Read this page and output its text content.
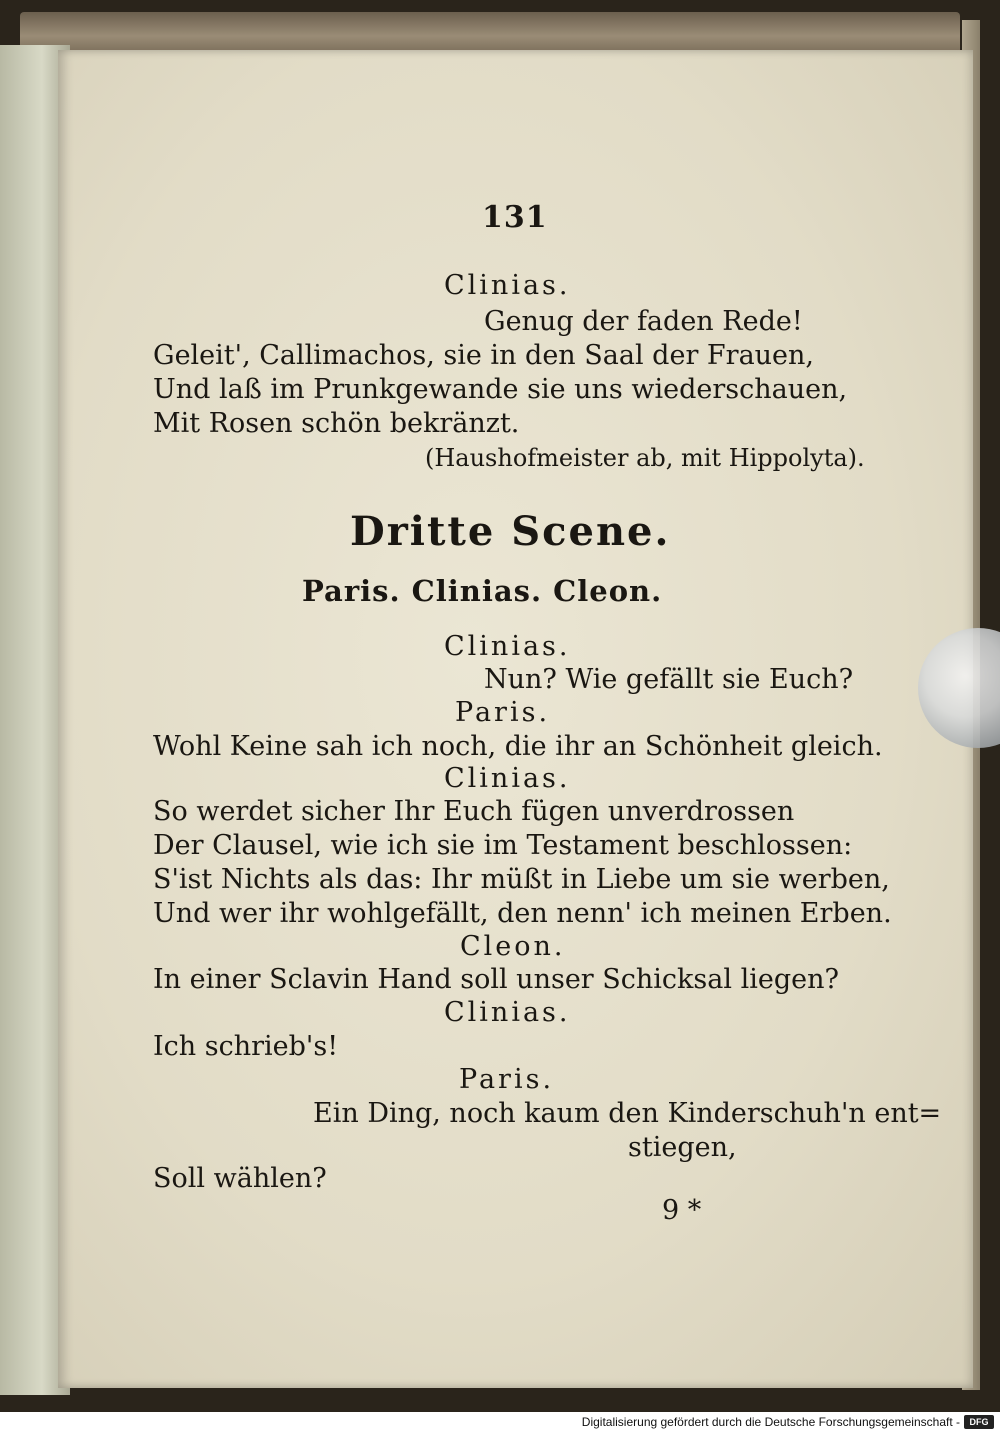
131
Clinias.
Genug der faden Rede!
Geleit', Callimachos, sie in den Saal der Frauen,
Und laß im Prunkgewande sie uns wiederschauen,
Mit Rosen schön bekränzt.
(Haushofmeister ab, mit Hippolyta).
Dritte Scene.
Paris. Clinias. Cleon.
Clinias.
Nun? Wie gefällt sie Euch?
Paris.
Wohl Keine sah ich noch, die ihr an Schönheit gleich.
Clinias.
So werdet sicher Ihr Euch fügen unverdrossen
Der Clausel, wie ich sie im Testament beschlossen:
S'ist Nichts als das: Ihr müßt in Liebe um sie werben,
Und wer ihr wohlgefällt, den nenn' ich meinen Erben.
Cleon.
In einer Sclavin Hand soll unser Schicksal liegen?
Clinias.
Ich schrieb's!
Paris.
Ein Ding, noch kaum den Kinderschuh'n ent=
stiegen,
Soll wählen?
9 *
Digitalisierung gefördert durch die Deutsche Forschungsgemeinschaft -	DFG
